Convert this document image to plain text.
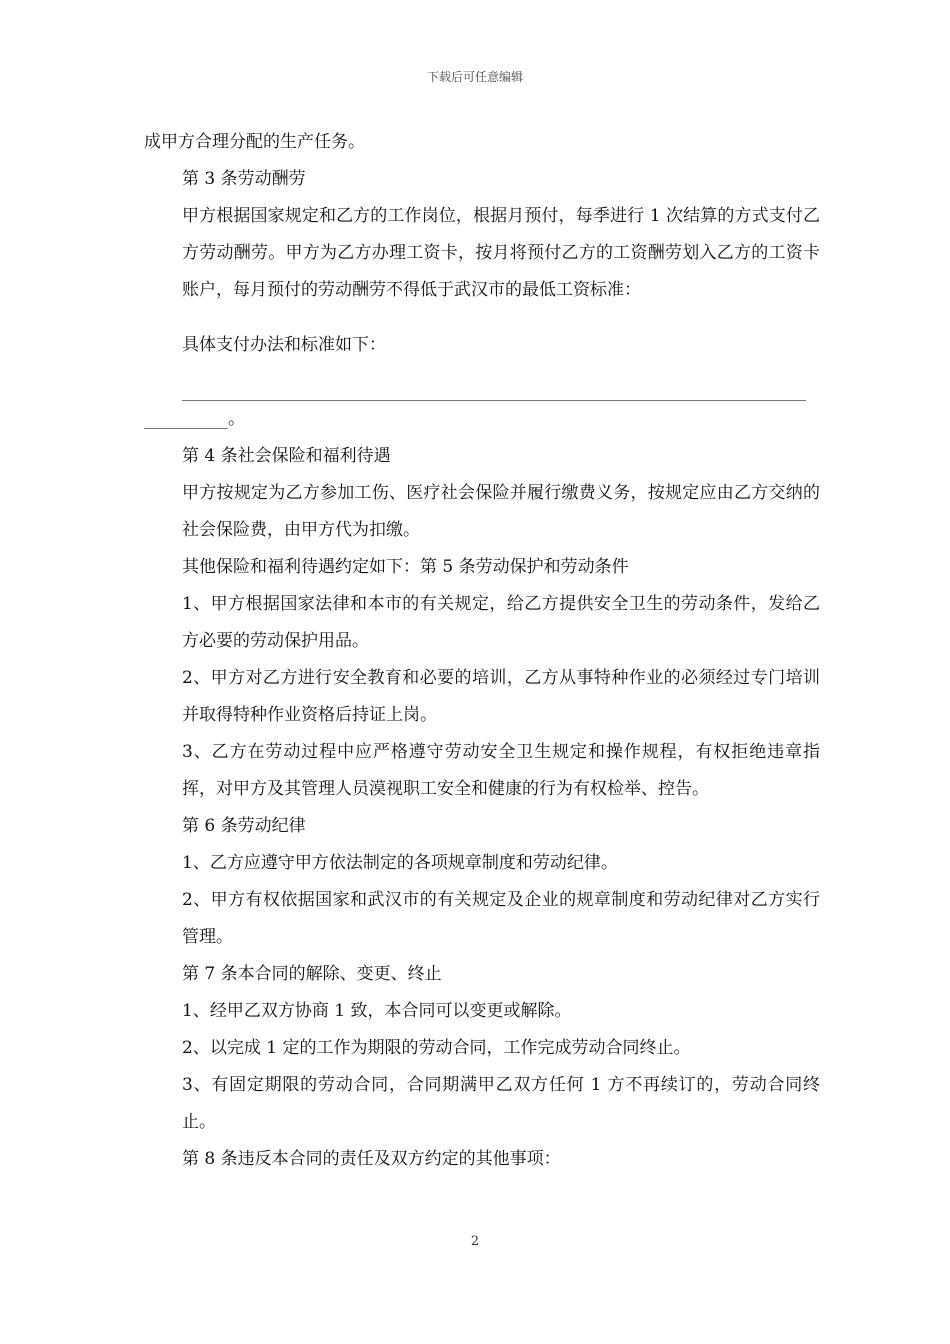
下载后可任意编辑

成甲方合理分配的生产任务。

第 3 条劳动酬劳

甲方根据国家规定和乙方的工作岗位，根据月预付，每季进行 1 次结算的方式支付乙方劳动酬劳。甲方为乙方办理工资卡，按月将预付乙方的工资酬劳划入乙方的工资卡账户，每月预付的劳动酬劳不得低于武汉市的最低工资标准：

具体支付办法和标准如下：

。

第 4 条社会保险和福利待遇

甲方按规定为乙方参加工伤、医疗社会保险并履行缴费义务，按规定应由乙方交纳的社会保险费，由甲方代为扣缴。

其他保险和福利待遇约定如下：第 5 条劳动保护和劳动条件

1、甲方根据国家法律和本市的有关规定，给乙方提供安全卫生的劳动条件，发给乙方必要的劳动保护用品。

2、甲方对乙方进行安全教育和必要的培训，乙方从事特种作业的必须经过专门培训并取得特种作业资格后持证上岗。

3、乙方在劳动过程中应严格遵守劳动安全卫生规定和操作规程，有权拒绝违章指挥，对甲方及其管理人员漠视职工安全和健康的行为有权检举、控告。

第 6 条劳动纪律

1、乙方应遵守甲方依法制定的各项规章制度和劳动纪律。

2、甲方有权依据国家和武汉市的有关规定及企业的规章制度和劳动纪律对乙方实行管理。

第 7 条本合同的解除、变更、终止

1、经甲乙双方协商 1 致，本合同可以变更或解除。

2、以完成 1 定的工作为期限的劳动合同，工作完成劳动合同终止。

3、有固定期限的劳动合同，合同期满甲乙双方任何 1 方不再续订的，劳动合同终止。

第 8 条违反本合同的责任及双方约定的其他事项：

2
